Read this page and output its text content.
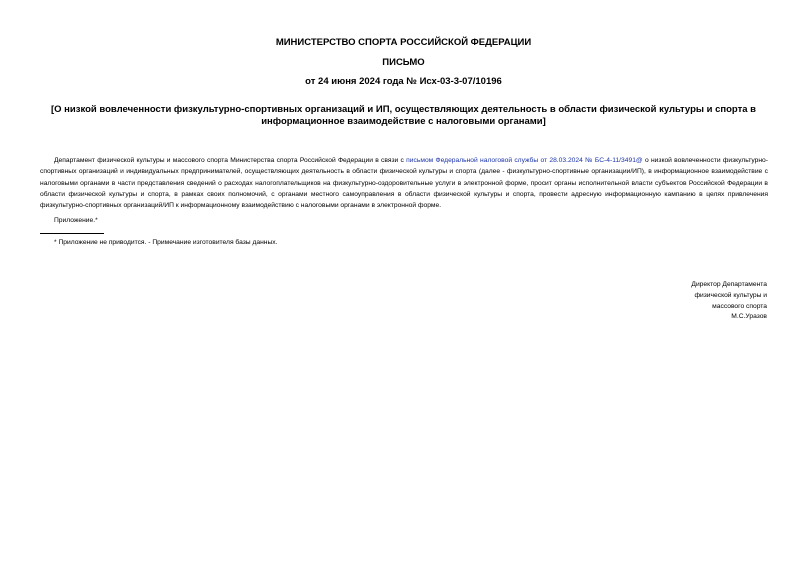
МИНИСТЕРСТВО СПОРТА РОССИЙСКОЙ ФЕДЕРАЦИИ
ПИСЬМО
от 24 июня 2024 года № Исх-03-3-07/10196
[О низкой вовлеченности физкультурно-спортивных организаций и ИП, осуществляющих деятельность в области физической культуры и спорта в информационное взаимодействие с налоговыми органами]

Департамент физической культуры и массового спорта Министерства спорта Российской Федерации в связи с письмом Федеральной налоговой службы от 28.03.2024 № БС-4-11/3491@ о низкой вовлеченности физкультурно-спортивных организаций и индивидуальных предпринимателей, осуществляющих деятельность в области физической культуры и спорта (далее - физкультурно-спортивные организации/ИП), в информационное взаимодействие с налоговыми органами в части представления сведений о расходах налогоплательщиков на физкультурно-оздоровительные услуги в электронной форме, просит органы исполнительной власти субъектов Российской Федерации в области физической культуры и спорта, в рамках своих полномочий, с органами местного самоуправления в области физической культуры и спорта, провести адресную информационную кампанию в целях привлечения физкультурно-спортивных организаций/ИП к информационному взаимодействию с налоговыми органами в электронной форме.

Приложение.*
* Приложение не приводится. - Примечание изготовителя базы данных.
Директор Департамента
физической культуры и
массового спорта
М.С.Уразов
